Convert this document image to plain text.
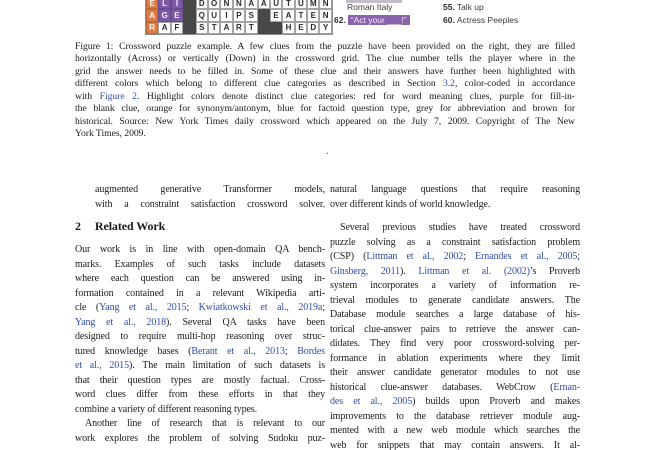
E L	I	D O N N A A U T U M N
A G E	Q U	I	P S	E A T E N
R A F	S T A R T	H E D Y
Roman Italy
62. “Act your ___!”
55. Talk up
60. Actress Peeples
Figure 1: Crossword puzzle example. A few clues from the puzzle have been provided on the right, they are filled
horizontally (Across) or vertically (Down) in the crossword grid. The clue number tells the player where in the
grid the answer needs to be filled in. Some of these clue and their answers have further been highlighted with
different colors which belong to different clue categories as described in Section 3.2, color-coded in accordance
with Figure 2. Highlight colors denote distinct clue categories: red for word meaning clues, purple for fill-in-
the blank clue, orange for synonym/antonym, blue for factoid question type, grey for abbreviation and brown for
historical. Source: New York Times daily crossword which appeared on the July 7, 2009. Copyright of The New
York Times, 2009.
.
augmented generative Transformer models,
with a constraint satisfaction crossword solver.
2 Related Work
Our work is in line with open-domain QA bench-
marks. Examples of such tasks include datasets
where each question can be answered using in-
formation contained in a relevant Wikipedia arti-
cle (Yang et al., 2015; Kwiatkowski et al., 2019a;
Yang et al., 2018). Several QA tasks have been
designed to require multi-hop reasoning over struc-
tured knowledge bases (Berant et al., 2013; Bordes
et al., 2015). The main limitation of such datasets is
that their question types are mostly factual. Cross-
word clues differ from these efforts in that they
combine a variety of different reasoning types.
Another line of research that is relevant to our
work explores the problem of solving Sudoku puz-
natural language questions that require reasoning
over different kinds of world knowledge.
Several previous studies have treated crossword
puzzle solving as a constraint satisfaction problem
(CSP) (Littman et al., 2002; Ernandes et al., 2005;
Ginsberg, 2011). Littman et al. (2002)’s Proverb
system incorporates a variety of information re-
trieval modules to generate candidate answers. The
Database module searches a large database of his-
torical clue-answer pairs to retrieve the answer can-
didates. They find very poor crossword-solving per-
formance in ablation experiments where they limit
their answer candidate generator modules to not use
historical clue-answer databases. WebCrow (Ernan-
des et al., 2005) builds upon Proverb and makes
improvements to the database retriever module aug-
mented with a new web module which searches the
web for snippets that may contain answers. It al-
